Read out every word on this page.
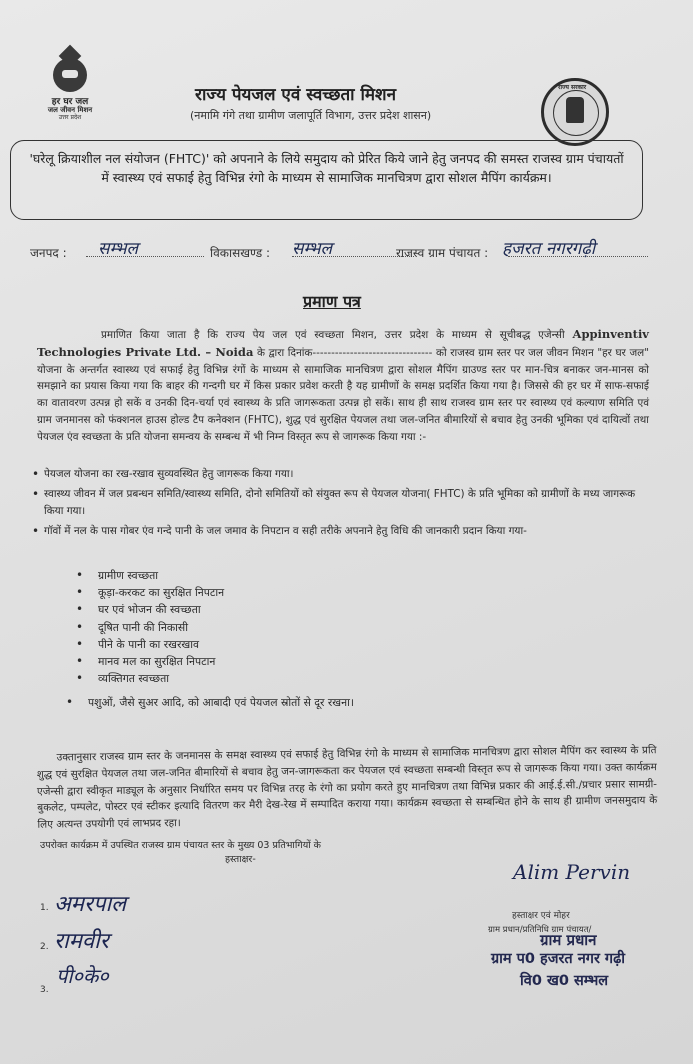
हर घर जल
जल जीवन मिशन
उत्तर प्रदेश
राज्य पेयजल एवं स्वच्छता मिशन
(नमामि गंगे तथा ग्रामीण जलापूर्ति विभाग, उत्तर प्रदेश शासन)
राज्य सरकार
'घरेलू क्रियाशील नल संयोजन (FHTC)' को अपनाने के लिये समुदाय को प्रेरित किये जाने हेतु जनपद की समस्त राजस्व ग्राम पंचायतों में स्वास्थ्य एवं सफाई हेतु विभिन्न रंगो के माध्यम से सामाजिक मानचित्रण द्वारा सोशल मैपिंग कार्यक्रम।
जनपद : सम्भल	विकासखण्ड : सम्भल	राजस्व ग्राम पंचायत : हजरत नगरगढ़ी
प्रमाण पत्र
प्रमाणित किया जाता है कि राज्य पेय जल एवं स्वच्छता मिशन, उत्तर प्रदेश के माध्यम से सूचीबद्ध एजेन्सी Appinventiv Technologies Private Ltd. – Noida के द्वारा दिनांक-------------------------------- को राजस्व ग्राम स्तर पर जल जीवन मिशन "हर घर जल" योजना के अन्तर्गत स्वास्थ्य एवं सफाई हेतु विभिन्न रंगों के माध्यम से सामाजिक मानचित्रण द्वारा सोशल मैपिंग ग्राउण्ड स्तर पर मान-चित्र बनाकर जन-मानस को समझाने का प्रयास किया गया कि बाहर की गन्दगी घर में किस प्रकार प्रवेश करती है यह ग्रामीणों के समक्ष प्रदर्शित किया गया है। जिससे की हर घर में साफ-सफाई का वातावरण उत्पन्न हो सकें व उनकी दिन-चर्या एवं स्वास्थ्य के प्रति जागरूकता उत्पन्न हो सकें। साथ ही साथ राजस्व ग्राम स्तर पर स्वास्थ्य एवं कल्याण समिति एवं ग्राम जनमानस को फंक्शनल हाउस होल्ड टैप कनेक्शन (FHTC), शुद्ध एवं सुरक्षित पेयजल तथा जल-जनित बीमारियों से बचाव हेतु उनकी भूमिका एवं दायित्वों तथा पेयजल एंव स्वच्छता के प्रति योजना समन्वय के सम्बन्ध में भी निम्न विस्तृत रूप से जागरूक किया गया :-
• पेयजल योजना का रख-रखाव सुव्यवस्थित हेतु जागरूक किया गया।
• स्वास्थ्य जीवन में जल प्रबन्धन समिति/स्वास्थ्य समिति, दोनो समितियों को संयुक्त रूप से पेयजल योजना( FHTC) के प्रति भूमिका को ग्रामीणों के मध्य जागरूक किया गया।
• गॉवों में नल के पास गोबर एंव गन्दे पानी के जल जमाव के निपटान व सही तरीके अपनाने हेतु विधि की जानकारी प्रदान किया गया-
• ग्रामीण स्वच्छता
• कूड़ा-करकट का सुरक्षित निपटान
• घर एवं भोजन की स्वच्छता
• दूषित पानी की निकासी
• पीने के पानी का रखरखाव
• मानव मल का सुरक्षित निपटान
• व्यक्तिगत स्वच्छता
• पशुओं, जैसे सुअर आदि, को आबादी एवं पेयजल स्रोतों से दूर रखना।
उक्तानुसार राजस्व ग्राम स्तर के जनमानस के समक्ष स्वास्थ्य एवं सफाई हेतु विभिन्न रंगो के माध्यम से सामाजिक मानचित्रण द्वारा सोशल मैपिंग कर स्वास्थ्य के प्रति शुद्ध एवं सुरक्षित पेयजल तथा जल-जनित बीमारियों से बचाव हेतु जन-जागरूकता कर पेयजल एवं स्वच्छता सम्बन्धी विस्तृत रूप से जागरूक किया गया। उक्त कार्यक्रम एजेन्सी द्वारा स्वीकृत माड्यूल के अनुसार निर्धारित समय पर विभिन्न तरह के रंगो का प्रयोग करते हुए मानचित्रण तथा विभिन्न प्रकार की आई.ई.सी./प्रचार प्रसार सामग्री-बुकलेट, पम्पलेट, पोस्टर एवं स्टीकर इत्यादि वितरण कर मैरी देख-रेख में सम्पादित कराया गया। कार्यक्रम स्वच्छता से सम्बन्धित होने के साथ ही ग्रामीण जनसमुदाय के लिए अत्यन्त उपयोगी एवं लाभप्रद रहा।
उपरोक्त कार्यक्रम में उपस्थित राजस्व ग्राम पंचायत स्तर के मुख्य 03 प्रतिभागियों के
हस्ताक्षर-
1. अमरपाल
2. रामवीर
3.
पी०के०
Alim Pervin
हस्ताक्षर एवं मोहर
ग्राम प्रधान/प्रतिनिधि ग्राम पंचायत/
ग्राम प्रधान
ग्राम प0 हजरत नगर गढ़ी
वि0 ख0 सम्भल
